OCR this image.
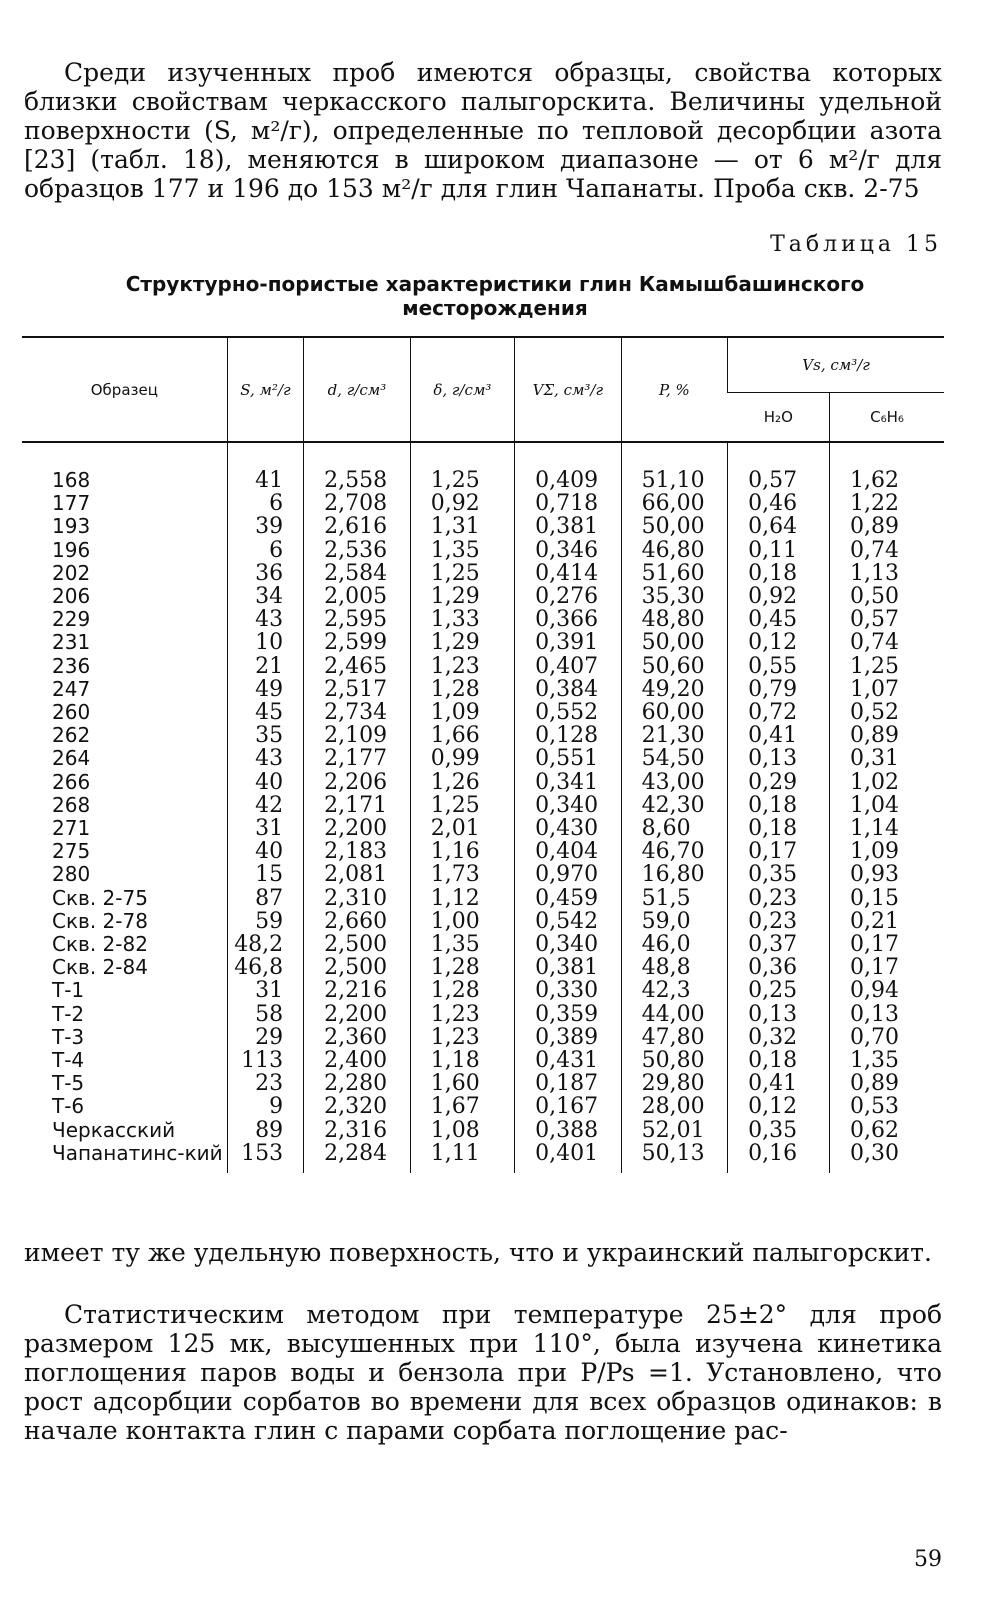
Среди изученных проб имеются образцы, свойства которых близки свойствам черкасского палыгорскита. Величины удельной поверхности (S, м²/г), определенные по тепловой десорбции азота [23] (табл. 18), меняются в широком диапазоне — от 6 м²/г для образцов 177 и 196 до 153 м²/г для глин Чапанаты. Проба скв. 2-75
Таблица 15
Структурно-пористые характеристики глин Камышбашинского месторождения
Образец	S, м²/г	d, г/см³	δ, г/см³	VΣ, см³/г	P, %	Vs, см³/г	
						H₂O	C₆H₆
168	41	2,558	1,25	0,409	51,10	0,57	1,62
177	6	2,708	0,92	0,718	66,00	0,46	1,22
193	39	2,616	1,31	0,381	50,00	0,64	0,89
196	6	2,536	1,35	0,346	46,80	0,11	0,74
202	36	2,584	1,25	0,414	51,60	0,18	1,13
206	34	2,005	1,29	0,276	35,30	0,92	0,50
229	43	2,595	1,33	0,366	48,80	0,45	0,57
231	10	2,599	1,29	0,391	50,00	0,12	0,74
236	21	2,465	1,23	0,407	50,60	0,55	1,25
247	49	2,517	1,28	0,384	49,20	0,79	1,07
260	45	2,734	1,09	0,552	60,00	0,72	0,52
262	35	2,109	1,66	0,128	21,30	0,41	0,89
264	43	2,177	0,99	0,551	54,50	0,13	0,31
266	40	2,206	1,26	0,341	43,00	0,29	1,02
268	42	2,171	1,25	0,340	42,30	0,18	1,04
271	31	2,200	2,01	0,430	8,60	0,18	1,14
275	40	2,183	1,16	0,404	46,70	0,17	1,09
280	15	2,081	1,73	0,970	16,80	0,35	0,93
Скв. 2-75	87	2,310	1,12	0,459	51,5	0,23	0,15
Скв. 2-78	59	2,660	1,00	0,542	59,0	0,23	0,21
Скв. 2-82	48,2	2,500	1,35	0,340	46,0	0,37	0,17
Скв. 2-84	46,8	2,500	1,28	0,381	48,8	0,36	0,17
Т-1	31	2,216	1,28	0,330	42,3	0,25	0,94
Т-2	58	2,200	1,23	0,359	44,00	0,13	0,13
Т-3	29	2,360	1,23	0,389	47,80	0,32	0,70
Т-4	113	2,400	1,18	0,431	50,80	0,18	1,35
Т-5	23	2,280	1,60	0,187	29,80	0,41	0,89
Т-6	9	2,320	1,67	0,167	28,00	0,12	0,53
Черкасский	89	2,316	1,08	0,388	52,01	0,35	0,62
Чапанатинс-кий	153	2,284	1,11	0,401	50,13	0,16	0,30
имеет ту же удельную поверхность, что и украинский палыгорскит.
Статистическим методом при температуре 25±2° для проб размером 125 мк, высушенных при 110°, была изучена кинетика поглощения паров воды и бензола при P/Ps =1. Установлено, что рост адсорбции сорбатов во времени для всех образцов одинаков: в начале контакта глин с парами сорбата поглощение рас-
59
